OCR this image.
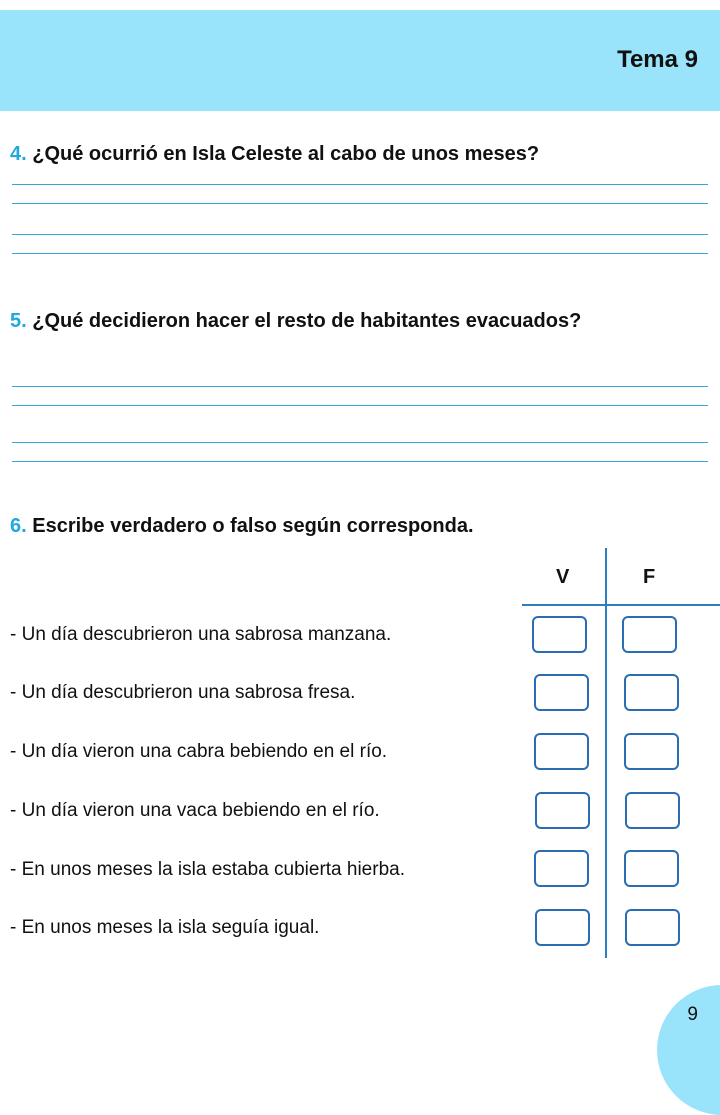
Tema 9
4. ¿Qué ocurrió en Isla Celeste al cabo de unos meses?
5. ¿Qué decidieron hacer el resto de habitantes evacuados?
6. Escribe verdadero o falso según corresponda.
V	F
- Un día descubrieron una sabrosa manzana.
- Un día descubrieron una sabrosa fresa.
- Un día vieron una cabra bebiendo en el río.
- Un día vieron una vaca bebiendo en el río.
- En unos meses la isla estaba cubierta hierba.
- En unos meses la isla seguía igual.
9
